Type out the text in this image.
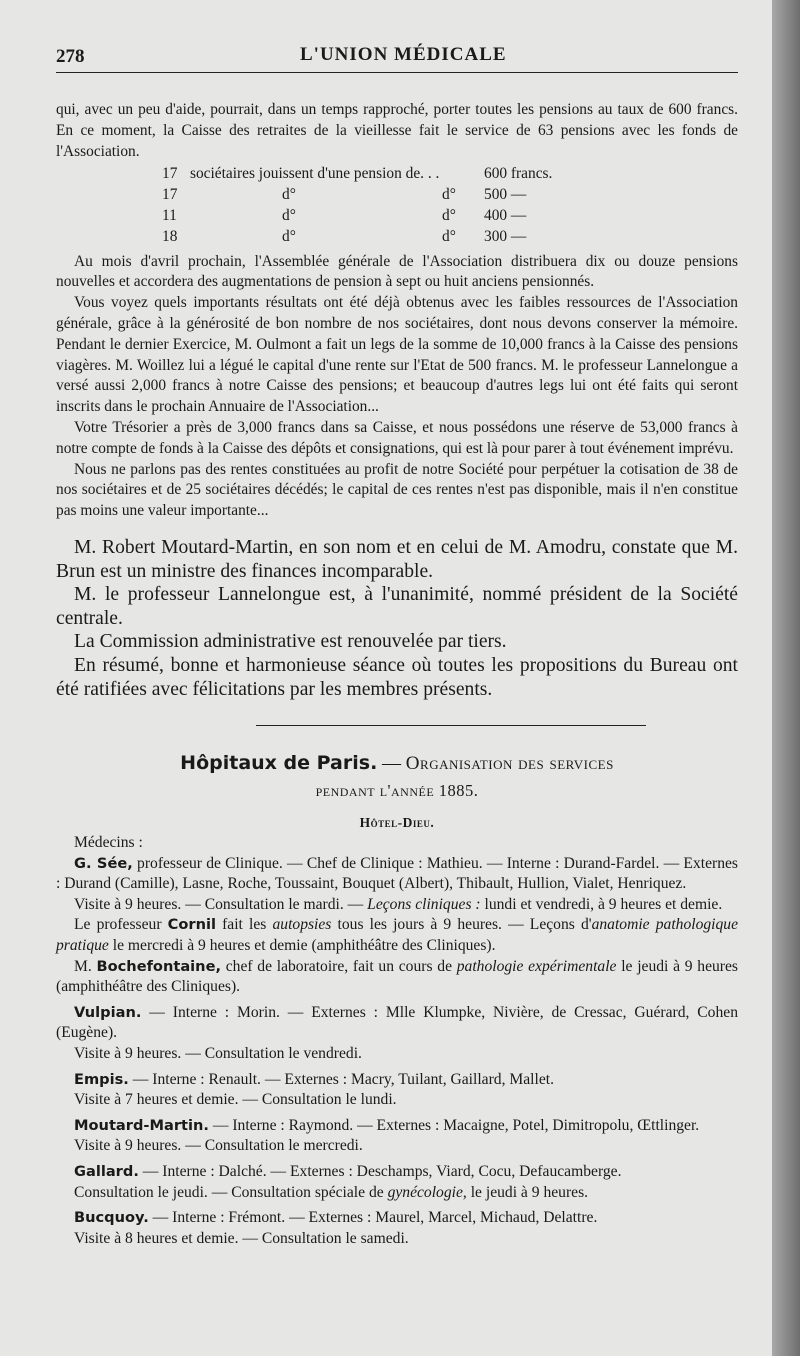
278	L'UNION MÉDICALE

qui, avec un peu d'aide, pourrait, dans un temps rapproché, porter toutes les pensions au taux de 600 francs. En ce moment, la Caisse des retraites de la vieillesse fait le service de 63 pensions avec les fonds de l'Association.

17 sociétaires jouissent d'une pension de. . .	600 francs.
17	d°	d°	500 —
11	d°	d°	400 —
18	d°	d°	300 —

Au mois d'avril prochain, l'Assemblée générale de l'Association distribuera dix ou douze pensions nouvelles et accordera des augmentations de pension à sept ou huit anciens pensionnés.

Vous voyez quels importants résultats ont été déjà obtenus avec les faibles ressources de l'Association générale, grâce à la générosité de bon nombre de nos sociétaires, dont nous devons conserver la mémoire. Pendant le dernier Exercice, M. Oulmont a fait un legs de la somme de 10,000 francs à la Caisse des pensions viagères. M. Woillez lui a légué le capital d'une rente sur l'Etat de 500 francs. M. le professeur Lannelongue a versé aussi 2,000 francs à notre Caisse des pensions; et beaucoup d'autres legs lui ont été faits qui seront inscrits dans le prochain Annuaire de l'Association...

Votre Trésorier a près de 3,000 francs dans sa Caisse, et nous possédons une réserve de 53,000 francs à notre compte de fonds à la Caisse des dépôts et consignations, qui est là pour parer à tout événement imprévu.

Nous ne parlons pas des rentes constituées au profit de notre Société pour perpétuer la cotisation de 38 de nos sociétaires et de 25 sociétaires décédés; le capital de ces rentes n'est pas disponible, mais il n'en constitue pas moins une valeur importante...

M. Robert Moutard-Martin, en son nom et en celui de M. Amodru, constate que M. Brun est un ministre des finances incomparable.

M. le professeur Lannelongue est, à l'unanimité, nommé président de la Société centrale.

La Commission administrative est renouvelée par tiers.

En résumé, bonne et harmonieuse séance où toutes les propositions du Bureau ont été ratifiées avec félicitations par les membres présents.

Hôpitaux de Paris. — Organisation des services
pendant l'année 1885.
Hôtel-Dieu.

Médecins :

G. Sée, professeur de Clinique. — Chef de Clinique : Mathieu. — Interne : Durand-Fardel. — Externes : Durand (Camille), Lasne, Roche, Toussaint, Bouquet (Albert), Thibault, Hullion, Vialet, Henriquez.

Visite à 9 heures. — Consultation le mardi. — Leçons cliniques : lundi et vendredi, à 9 heures et demie.

Le professeur Cornil fait les autopsies tous les jours à 9 heures. — Leçons d'anatomie pathologique pratique le mercredi à 9 heures et demie (amphithéâtre des Cliniques).

M. Bochefontaine, chef de laboratoire, fait un cours de pathologie expérimentale le jeudi à 9 heures (amphithéâtre des Cliniques).

Vulpian. — Interne : Morin. — Externes : Mlle Klumpke, Nivière, de Cressac, Guérard, Cohen (Eugène).

Visite à 9 heures. — Consultation le vendredi.

Empis. — Interne : Renault. — Externes : Macry, Tuilant, Gaillard, Mallet.

Visite à 7 heures et demie. — Consultation le lundi.

Moutard-Martin. — Interne : Raymond. — Externes : Macaigne, Potel, Dimitropolu, Œttlinger.

Visite à 9 heures. — Consultation le mercredi.

Gallard. — Interne : Dalché. — Externes : Deschamps, Viard, Cocu, Defaucamberge.

Consultation le jeudi. — Consultation spéciale de gynécologie, le jeudi à 9 heures.

Bucquoy. — Interne : Frémont. — Externes : Maurel, Marcel, Michaud, Delattre.

Visite à 8 heures et demie. — Consultation le samedi.
